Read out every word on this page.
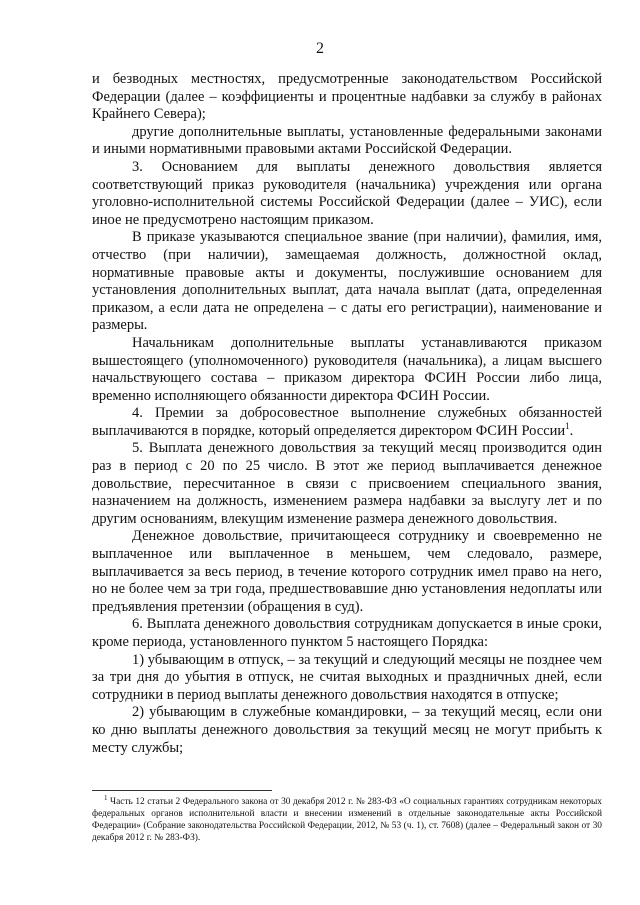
2

и безводных местностях, предусмотренные законодательством Российской Федерации (далее – коэффициенты и процентные надбавки за службу в районах Крайнего Севера);

другие дополнительные выплаты, установленные федеральными законами и иными нормативными правовыми актами Российской Федерации.

3. Основанием для выплаты денежного довольствия является соответствующий приказ руководителя (начальника) учреждения или органа уголовно-исполнительной системы Российской Федерации (далее – УИС), если иное не предусмотрено настоящим приказом.

В приказе указываются специальное звание (при наличии), фамилия, имя, отчество (при наличии), замещаемая должность, должностной оклад, нормативные правовые акты и документы, послужившие основанием для установления дополнительных выплат, дата начала выплат (дата, определенная приказом, а если дата не определена – с даты его регистрации), наименование и размеры.

Начальникам дополнительные выплаты устанавливаются приказом вышестоящего (уполномоченного) руководителя (начальника), а лицам высшего начальствующего состава – приказом директора ФСИН России либо лица, временно исполняющего обязанности директора ФСИН России.

4. Премии за добросовестное выполнение служебных обязанностей выплачиваются в порядке, который определяется директором ФСИН России$^1$.

5. Выплата денежного довольствия за текущий месяц производится один раз в период с 20 по 25 число. В этот же период выплачивается денежное довольствие, пересчитанное в связи с присвоением специального звания, назначением на должность, изменением размера надбавки за выслугу лет и по другим основаниям, влекущим изменение размера денежного довольствия.

Денежное довольствие, причитающееся сотруднику и своевременно не выплаченное или выплаченное в меньшем, чем следовало, размере, выплачивается за весь период, в течение которого сотрудник имел право на него, но не более чем за три года, предшествовавшие дню установления недоплаты или предъявления претензии (обращения в суд).

6. Выплата денежного довольствия сотрудникам допускается в иные сроки, кроме периода, установленного пунктом 5 настоящего Порядка:

1) убывающим в отпуск, – за текущий и следующий месяцы не позднее чем за три дня до убытия в отпуск, не считая выходных и праздничных дней, если сотрудники в период выплаты денежного довольствия находятся в отпуске;

2) убывающим в служебные командировки, – за текущий месяц, если они ко дню выплаты денежного довольствия за текущий месяц не могут прибыть к месту службы;

$^1$ Часть 12 статьи 2 Федерального закона от 30 декабря 2012 г. № 283-ФЗ «О социальных гарантиях сотрудникам некоторых федеральных органов исполнительной власти и внесении изменений в отдельные законодательные акты Российской Федерации» (Собрание законодательства Российской Федерации, 2012, № 53 (ч. 1), ст. 7608) (далее – Федеральный закон от 30 декабря 2012 г. № 283-ФЗ).
